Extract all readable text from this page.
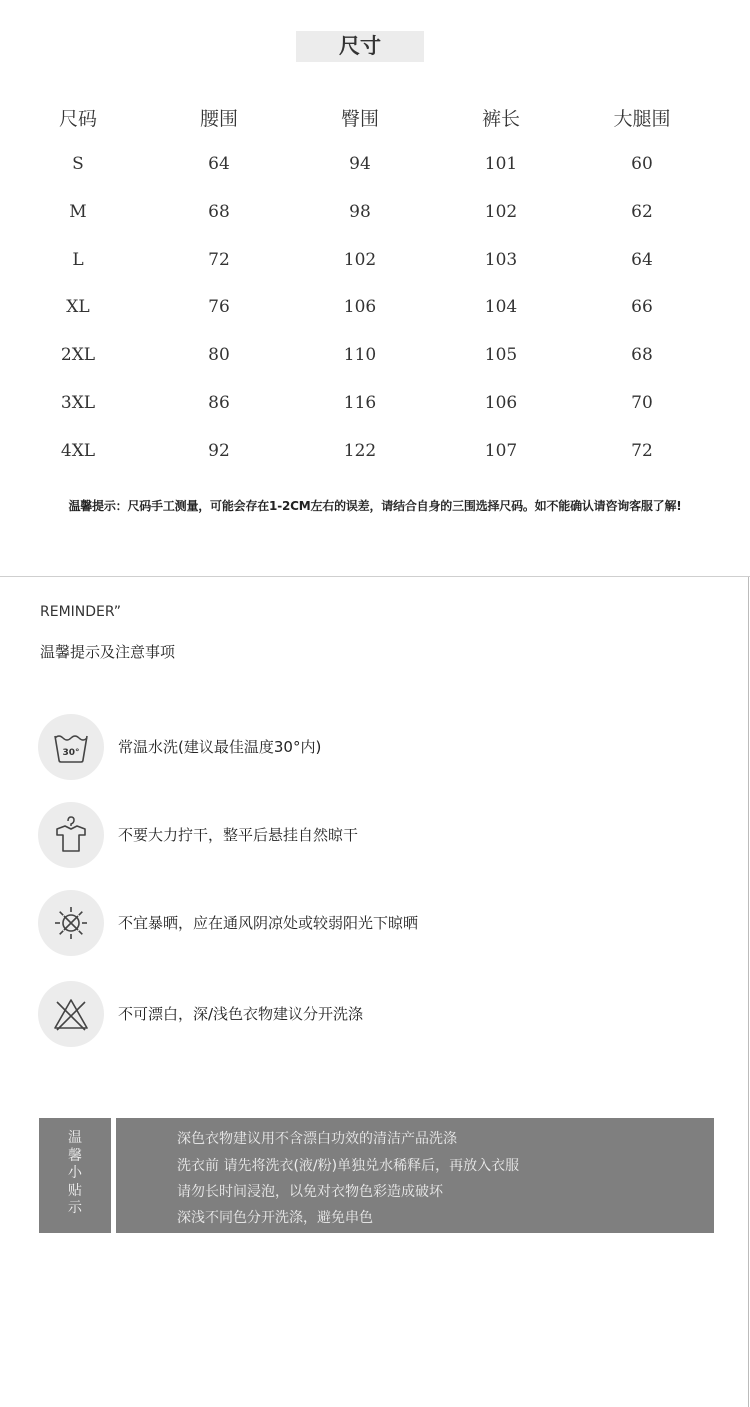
尺寸
尺码	腰围	臀围	裤长	大腿围
S	64	94	101	60
M	68	98	102	62
L	72	102	103	64
XL	76	106	104	66
2XL	80	110	105	68
3XL	86	116	106	70
4XL	92	122	107	72
温馨提示：尺码手工测量，可能会存在1-2CM左右的误差，请结合自身的三围选择尺码。如不能确认请咨询客服了解!
REMINDER”
温馨提示及注意事项
30°	常温水洗(建议最佳温度30°内)
不要大力拧干，整平后悬挂自然晾干
不宜暴晒，应在通风阴凉处或较弱阳光下晾晒
不可漂白，深/浅色衣物建议分开洗涤
温馨小贴示
深色衣物建议用不含漂白功效的清洁产品洗涤
洗衣前 请先将洗衣(液/粉)单独兑水稀释后，再放入衣服
请勿长时间浸泡，以免对衣物色彩造成破坏
深浅不同色分开洗涤，避免串色
